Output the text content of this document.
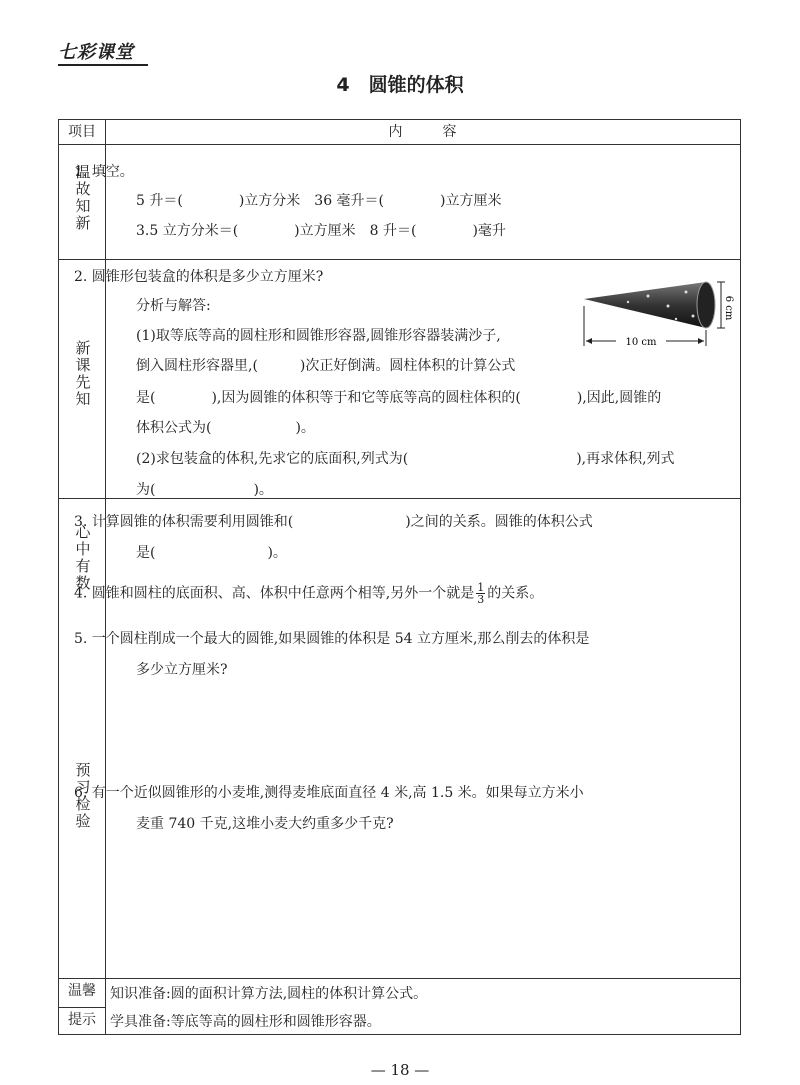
七彩课堂
4　圆锥的体积
项目	内容
温故知新
新课先知
心中有数
预习检验
温馨
提示
1. 填空。
5 升＝(　　　　)立方分米　36 毫升＝(　　　　)立方厘米
3.5 立方分米＝(　　　　)立方厘米　8 升＝(　　　　)毫升
2. 圆锥形包装盒的体积是多少立方厘米?
分析与解答:
(1)取等底等高的圆柱形和圆锥形容器,圆锥形容器装满沙子,
倒入圆柱形容器里,(　　　)次正好倒满。圆柱体积的计算公式
是(　　　　),因为圆锥的体积等于和它等底等高的圆柱体积的(　　　　),因此,圆锥的
体积公式为(　　　　　　)。
(2)求包装盒的体积,先求它的底面积,列式为(　　　　　　　　　　　　),再求体积,列式
为(　　　　　　　)。
6 cm
10 cm
3. 计算圆锥的体积需要利用圆锥和(　　　　　　　　)之间的关系。圆锥的体积公式
是(　　　　　　　　)。
4. 圆锥和圆柱的底面积、高、体积中任意两个相等,另外一个就是 $\frac{1}{3}$ 的关系。
5. 一个圆柱削成一个最大的圆锥,如果圆锥的体积是 54 立方厘米,那么削去的体积是
多少立方厘米?
6. 有一个近似圆锥形的小麦堆,测得麦堆底面直径 4 米,高 1.5 米。如果每立方米小
麦重 740 千克,这堆小麦大约重多少千克?
知识准备:圆的面积计算方法,圆柱的体积计算公式。
学具准备:等底等高的圆柱形和圆锥形容器。
— 18 —
